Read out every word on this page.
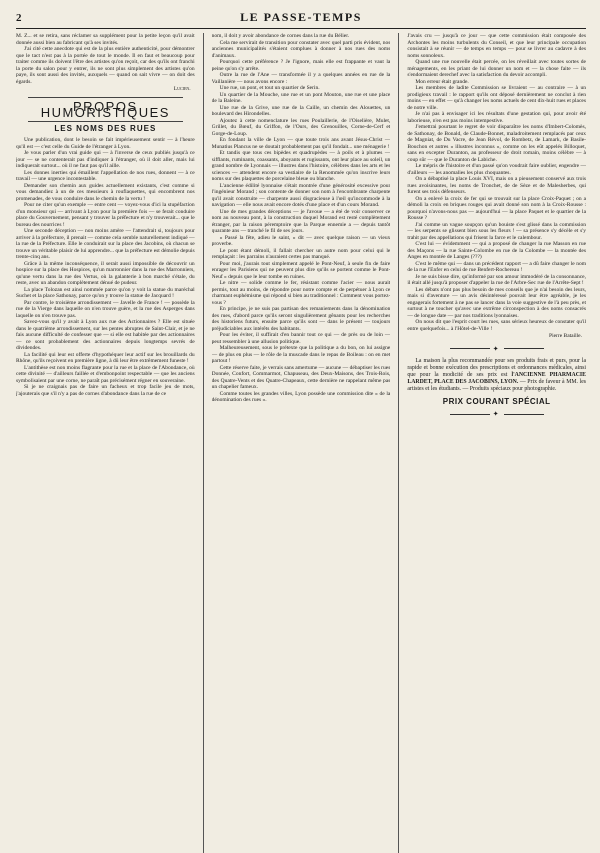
2	LE PASSE-TEMPS

M. Z... et se retira, sans réclamer sa supplément pour la petite leçon qu'il avait donnée aussi bien au fabricant qu'à ses invités.

J'ai cité cette anecdote qui est de la plus entière authenticité, pour démontrer que le tact n'est pas à la portée de tout le monde. Il en faut et beaucoup pour traiter comme ils doivent l'être des artistes qu'on reçoit, car des qu'ils ont franchi la porte du salon pour y entrer, ils ne sont plus simplement des artistes qu'on paye, ils sont aussi des invités, auxquels — quand on sait vivre — on doit des égards.

Lucien.
PROPOS HUMORISTIQUES
LES NOMS DES RUES

Une publication, dont le besoin se fait impérieusement sentir — à l'heure qu'il est — c'est celle du Guide de l'étranger à Lyon.

Je vous parler d'un vrai guide qui — à l'inverse de ceux publiés jusqu'à ce jour — se ne contenterait pas d'indiquer à l'étranger, où il doit aller, mais lui indiquerait surtout... où il ne faut pas qu'il aille.

Les donnes inerties qui émaillent l'appellation de nos rues, donnent — à ce travail — une urgence incontestable.

Demander son chemin aux guides actuellement existants, c'est comme si vous demandiez à un de ces messieurs à rouflaquettes, qui encombrent nos promenades, de vous conduire dans le chemin de la vertu !

Pour ne citer qu'un exemple — entre cent — voyez-vous d'ici la stupéfaction d'un monsieur qui — arrivant à Lyon pour la première fois — se ferait conduire place du Gouvernement, pensant y trouver la préfecture et n'y trouverait... que le bureau des nourrices !

Une seconde déception — non moins amère — l'attendrait si, toujours pour arriver à la préfecture, il prenait — comme cela semble naturellement indiqué — la rue de la Préfecture. Elle le conduirait sur la place des Jacobins, où chacun se trouve un véritable plaisir de lui apprendre... que la préfecture est démolie depuis trente-cinq ans.

Grâce à la même inconséquence, il serait aussi impossible de découvrir un hospice sur la place des Hospices, qu'un marronnier dans la rue des Marronniers, qu'une vertu dans la rue des Vertus, où la galanterie à bon marché s'étale, du reste, avec un abandon complètement dénué de pudeur.

La place Tolozan est ainsi nommée parce qu'on y voit la statue du maréchal Suchet et la place Sathonay, parce qu'on y trouve la statue de Jacquard !

Par contre, le troisième arrondissement — Javelle de France ! — possède la rue de la Vierge dans laquelle on n'en trouve guère, et la rue des Asperges dans laquelle on n'en trouve pas.

Savez-vous qu'il y avait à Lyon aux rue des Actionnaires ? Elle est située dans le quatrième arrondissement, sur les pentes abruptes de Saint-Clair, et je ne fais aucune difficulté de confesser que — si elle est habitée par des actionnaires — ce sont probablement des actionnaires depuis longtemps sevrés de dividendes.

La facilité qui leur est offerte d'hypothéquer leur actif sur les brouillards du Rhône, qu'ils reçoivent en première ligne, à dû leur être extrêmement funeste !

L'antithèse est non moins flagrante pour la rue et la place de l'Abondance, où cette divinité — d'ailleurs faillée et d'embonpoint respectable — que les anciens symbolisaient par une corne, ne paraît pas précisément régner en souveraine.

Si je ne craignais pas de faire un facheux et trop facile jeu de mots, j'ajouterais que s'il n'y a pas de cornes d'abondance dans la rue de ce

nom, il doit y avoir abondance de cornes dans la rue du Bélier.

Cela me servirait de transition pour constater avec quel parti pris évident, nos anciennes municipalités s'étaient complues à donner à nos rues des noms d'animaux.

Pourquoi cette préférence ? Je l'ignore, mais elle est frappante et vaut la peine qu'on s'y arrête.

Outre la rue de l'Ane — transformée il y a quelques années en rue de la Vaillanière — nous avons encore :

Une rue, un pont, et tout un quartier de Serin.

Un quartier de la Mouche, une rue et un pont Mouton, une rue et une place de la Baleine.

Une rue de la Grive, une rue de la Caille, un chemin des Alouettes, un boulevard des Hirondelles.

Ajoutez à cette nomenclature les rues Poulaillerie, de l'Oiselière, Mulet, Grillet, du Bœuf, du Griffon, de l'Ours, des Grenouilles, Corne-de-Cerf et Gorge-de-Loup.

En fondant la ville de Lyon — que toute trois ans avant Jésus-Christ — Munatius Plancus ne se doutait probablement pas qu'il fondait... une ménagerie !

Et tandis que tous ces bipèdes et quadrupèdes — à poils et à plumes — sifflants, ruminants, coassants, aboyants et rugissants, ont leur place au soleil, un grand nombre de Lyonnais — illustres dans l'histoire, célèbres dans les arts et les sciences — attendent encore sa vestiaire de la Renommée qu'on inscrive leurs noms sur des plaquettes de porcelaine bleue ou blanche.

L'ancienne édilité lyonnaise s'était montrée d'une générosité excessive pour l'ingénieur Morand ; son contente de donner son nom à l'encombrante charpente qu'il avait construite — charpente aussi disgracieuse à l'œil qu'incommode à la navigation — elle nous avait encore dotés d'une place et d'un cours Morand.

Une de mes grandes déceptions — je l'avoue — a été de voir conserver ce nom au nouveau pont, à la construction duquel Morand est resté complètement étranger, par la raison péremptoire que la Parque ennemie a — depuis tantôt quarante ans — tranché le fil de ses jours.

« Passé la fête, adieu le saint, » dit — avec quelque raison — un vieux proverbe.

Le pont étant démoli, il fallait chercher un autre nom pour celui qui le remplaçait : les parrains n'auraient certes pas manqué.

Pour moi, j'aurais tout simplement appelé le Pont-Neuf, à seule fin de faire enrager les Parisiens qui ne peuvent plus dire qu'ils se portent comme le Pont-Neuf » depuis que le leur tombe en ruines.

Le nitre — solide comme le fer, résistant comme l'acier — nous aurait permis, tout au moins, de répondre pour notre compte et de perpétuer à Lyon ce charmant euphémisme qui répond si bien au traditionnel : Comment vous portez-vous ?

En principe, je ne suis pas partisan des remaniements dans la dénomination des rues, d'abord parce qu'ils seront singulièrement gênants pour les recherches des historiens futurs, ensuite parce qu'ils sont — dans le présent — toujours préjudiciables aux intérêts des habitants.

Pour les éviter, il suffirait d'en bannir tout ce qui — de près ou de loin — peut ressembler à une allusion politique.

Malheureusement, sous le prétexte que la politique a du bon, on lui assigne — de plus en plus — le rôle de la muscade dans le repas de Boileau : on en met partout !

Cette réserve faite, je verrais sans amertume — aucune — débaptiser les rues Donnée, Confort, Commarmot, Chapuseau, des Deux-Maisons, des Trois-Rois, des Quatre-Vents et des Quatre-Chapeaux, cette dernière ne rappelant même pas un chapelier fameux.

Comme toutes les grandes villes, Lyon possède une commission dite « de la dénomination des rues ».

J'avais cru — jusqu'à ce jour — que cette commission était composée des Archontes les moins turbulents du Conseil, et que leur principale occupation consistait à se réunir — de temps en temps — pour se livrer au cadavre à des noms sonnoleux.

Quand une rue nouvelle était percée, on les réveillait avec toutes sortes de ménagements, en les priant de lui donner un nom et — la chose faite — ils s'endormaient derechef avec la satisfaction du devoir accompli.

Mon erreur était grande.

Les membres de ladite Commission se livraient — au contraire — à un prodigieux travail : le rapport qu'ils ont déposé dernièrement ne conclut à rien moins — en effet — qu'à changer les noms actuels de cent dix-huit rues et places de notre ville.

Je n'ai pas à envisager ici les résultats d'une gestation qui, pour avoir été laborieuse, n'en est pas moins intempestive.

J'emettrai pourtant le regret de voir disparaître les noms d'Imbert-Colomès, de Sathonay, de Bonald, de Claude-Bonnet, maladroitement remplacés par ceux de Magniat, de Du Vacre, de Jean Révol, de Rombetz, de Lamark, de Basile-Bouchon et autres « illustres inconnus », comme on les eût appelés Billoquet, sans en excepter Duranton, au professeur de droit romain, moins célèbre — à coup sûr — que le Duranton de Labiche.

Le mépris de l'histoire et d'un passé qu'on voudrait faire oublier, engendre — d'ailleurs — les anomalies les plus choquantes.

On a débaptisé la place Louis XVI, mais on a pieusement conservé aux trois rues avoisinantes, les noms de Tronchet, de de Sèze et de Malesherbes, qui furent ses trois défenseurs.

On a enlevé la croix de fer qui se trouvait sur la place Croix-Paquet ; on a démoli la croix en briques rouges qui avait donné son nom à la Croix-Rousse : pourquoi n'avons-nous pas — aujourd'hui — la place Paquet et le quartier de la Rousse ?

J'ai comme un vague soupçon qu'un bouiste s'est glissé dans la commission — les serpents se glissent bien sous les fleurs ! — sa présence s'y décèle et s'y trahit par des appellations qui frisent la farce et le calembour.

C'est lui — évidemment — qui a proposé de changer la rue Masson en rue des Maçons — la rue Sainte-Colombe en rue de la Colombe — la montée des Anges en montée de Langes (???)

C'est le même qui — dans un précédent rapport — a dû faire changer le nom de la rue l'Enfer en celui de rue Benfert-Rochereau !

Je ne suis bisse dire, qu'informé par son amour immodéré de la consonnance, il était allé jusqu'à proposer d'appeler la rue de l'Arbre-Sec rue de l'Arrête-Sept !

Les débats n'ont pas plus besoin de mes conseils que je n'ai besoin des leurs, mais si d'aventure — un avis désintéressé pouvait leur être agréable, je les engagerais fortement à ne pas se lancer dans la voie suggestive de l'à peu près, et surtout à ne toucher qu'avec une extrême circonspection à des noms consacrés — de longue date — par nos traditions lyonnaises.

On nous dit que l'esprit court les rues, sans sérieux heureux de constater qu'il entre quelquefois... à l'Hôtel-de-Ville !

Pierre Bataille.
✦

La maison la plus recommandée pour ses produits frais et purs, pour la rapide et bonne exécution des prescriptions et ordonnances médicales, ainsi que pour la modicité de ses prix est l'ANCIENNE PHARMACIE LARDET, PLACE DES JACOBINS, LYON. — Prix de faveur à MM. les artistes et les étudiants. — Produits spéciaux pour photographie.

PRIX COURANT SPÉCIAL
✦
